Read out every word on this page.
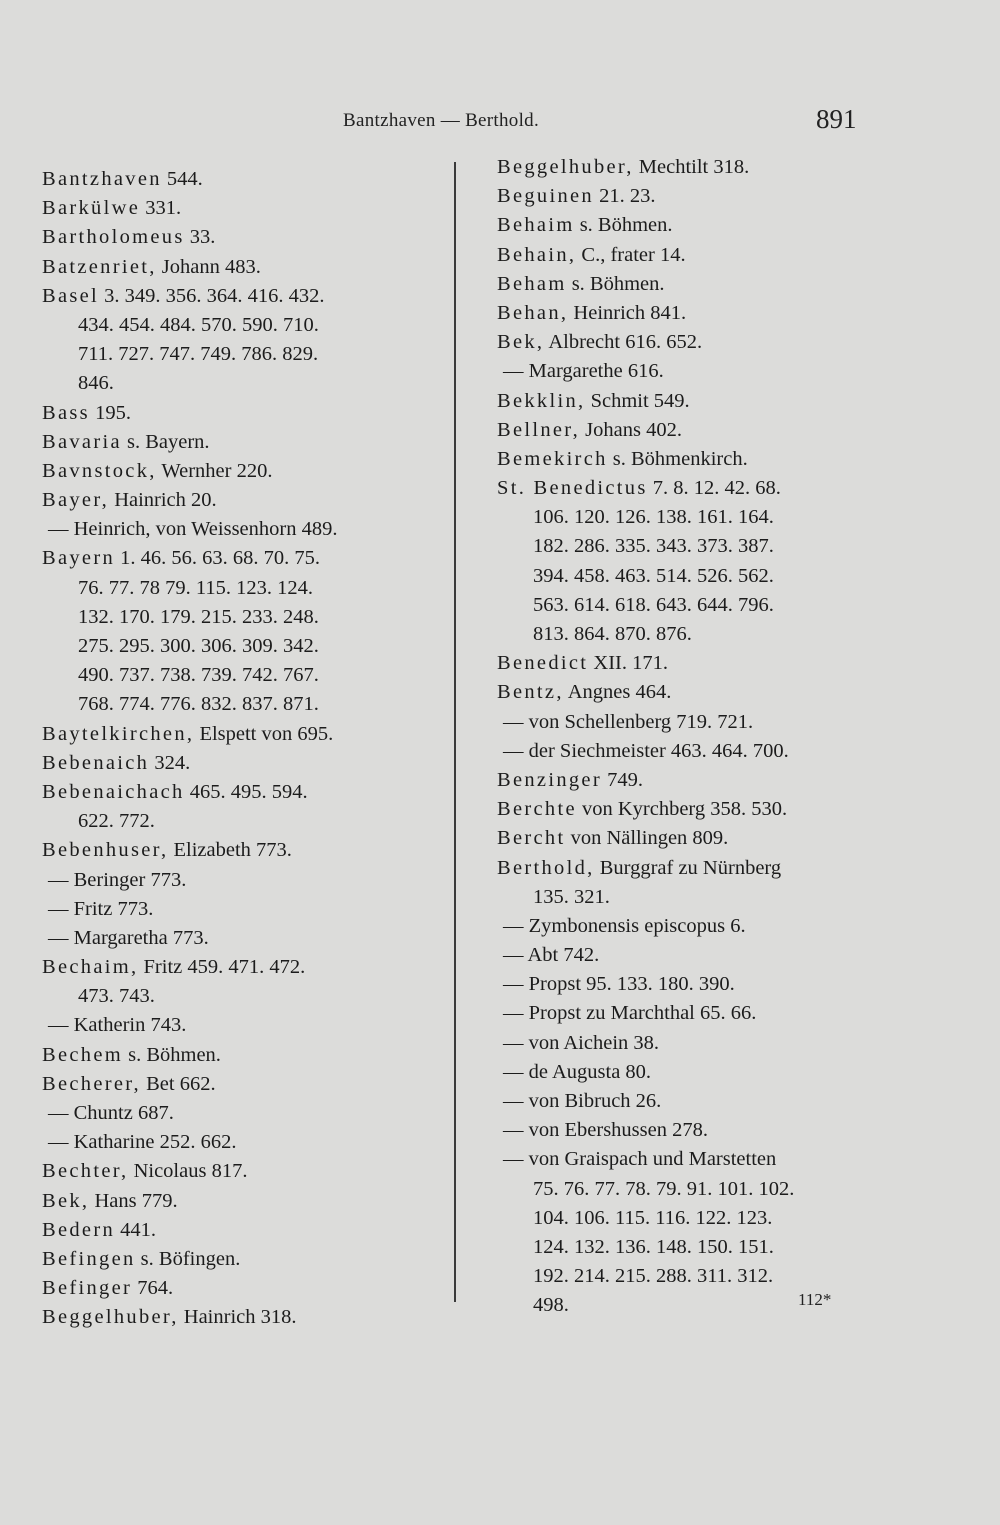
Bantzhaven — Berthold.	891
Bantzhaven 544.
Barkülwe 331.
Bartholomeus 33.
Batzenriet, Johann 483.
Basel 3. 349. 356. 364. 416. 432.
434. 454. 484. 570. 590. 710.
711. 727. 747. 749. 786. 829.
846.
Bass 195.
Bavaria s. Bayern.
Bavnstock, Wernher 220.
Bayer, Hainrich 20.
— Heinrich, von Weissenhorn 489.
Bayern 1. 46. 56. 63. 68. 70. 75.
76. 77. 78 79. 115. 123. 124.
132. 170. 179. 215. 233. 248.
275. 295. 300. 306. 309. 342.
490. 737. 738. 739. 742. 767.
768. 774. 776. 832. 837. 871.
Baytelkirchen, Elspett von 695.
Bebenaich 324.
Bebenaichach 465. 495. 594.
622. 772.
Bebenhuser, Elizabeth 773.
— Beringer 773.
— Fritz 773.
— Margaretha 773.
Bechaim, Fritz 459. 471. 472.
473. 743.
— Katherin 743.
Bechem s. Böhmen.
Becherer, Bet 662.
— Chuntz 687.
— Katharine 252. 662.
Bechter, Nicolaus 817.
Bek, Hans 779.
Bedern 441.
Befingen s. Böfingen.
Befinger 764.
Beggelhuber, Hainrich 318.
Beggelhuber, Mechtilt 318.
Beguinen 21. 23.
Behaim s. Böhmen.
Behain, C., frater 14.
Beham s. Böhmen.
Behan, Heinrich 841.
Bek, Albrecht 616. 652.
— Margarethe 616.
Bekklin, Schmit 549.
Bellner, Johans 402.
Bemekirch s. Böhmenkirch.
St. Benedictus 7. 8. 12. 42. 68.
106. 120. 126. 138. 161. 164.
182. 286. 335. 343. 373. 387.
394. 458. 463. 514. 526. 562.
563. 614. 618. 643. 644. 796.
813. 864. 870. 876.
Benedict XII. 171.
Bentz, Angnes 464.
— von Schellenberg 719. 721.
— der Siechmeister 463. 464. 700.
Benzinger 749.
Berchte von Kyrchberg 358. 530.
Bercht von Nällingen 809.
Berthold, Burggraf zu Nürnberg
135. 321.
— Zymbonensis episcopus 6.
— Abt 742.
— Propst 95. 133. 180. 390.
— Propst zu Marchthal 65. 66.
— von Aichein 38.
— de Augusta 80.
— von Bibruch 26.
— von Ebershussen 278.
— von Graispach und Marstetten
75. 76. 77. 78. 79. 91. 101. 102.
104. 106. 115. 116. 122. 123.
124. 132. 136. 148. 150. 151.
192. 214. 215. 288. 311. 312.
498.	112*
